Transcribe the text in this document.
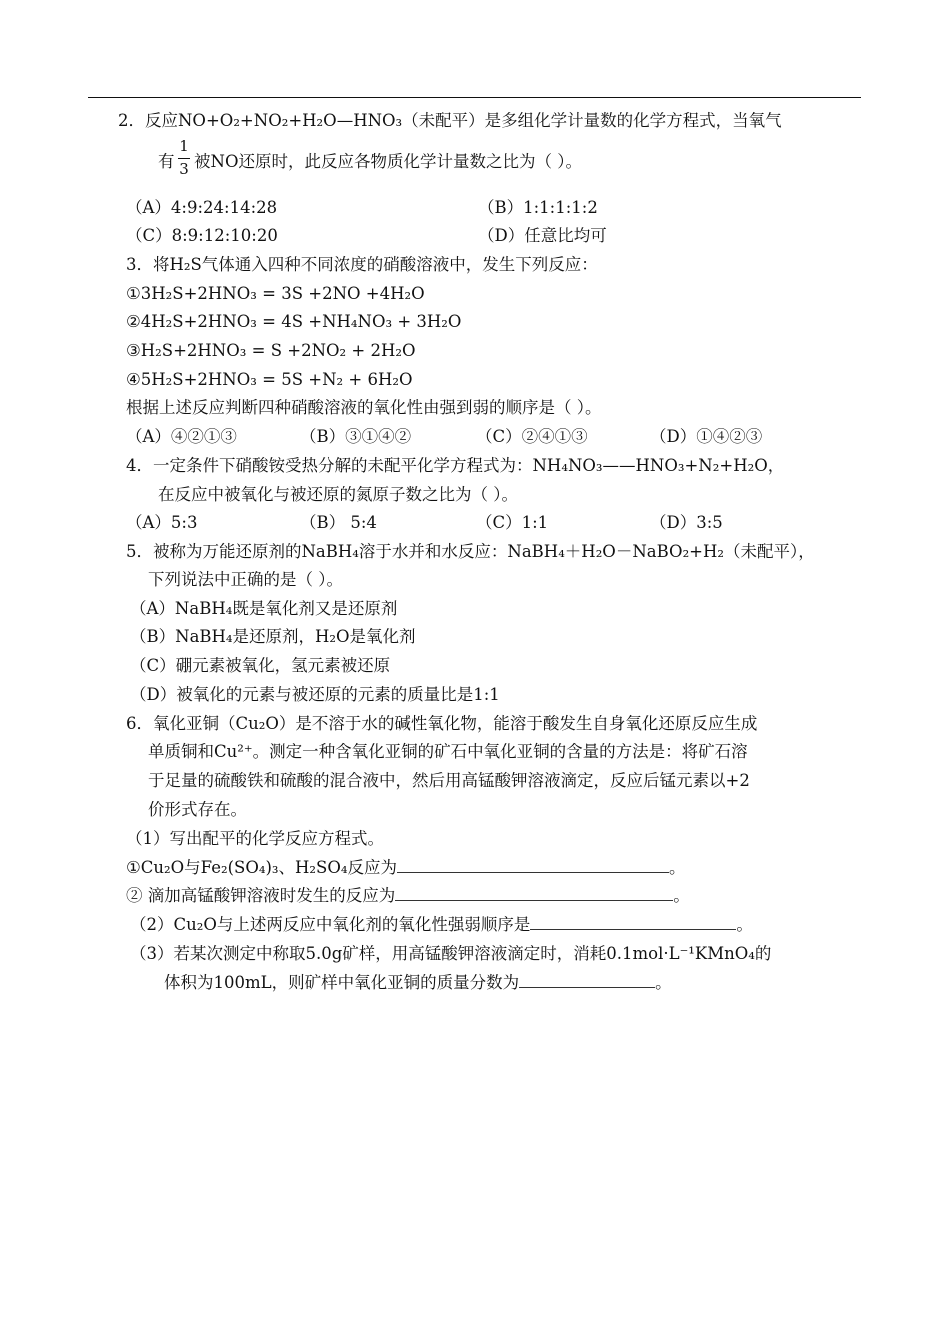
2．反应NO+O₂+NO₂+H₂O—HNO₃（未配平）是多组化学计量数的化学方程式，当氧气
有
1
3 被NO还原时，此反应各物质化学计量数之比为（ ）。
（A）4:9:24:14:28	（B）1:1:1:1:2
（C）8:9:12:10:20	（D）任意比均可
3．将H₂S气体通入四种不同浓度的硝酸溶液中，发生下列反应：
①3H₂S+2HNO₃ = 3S +2NO +4H₂O
②4H₂S+2HNO₃ = 4S +NH₄NO₃ + 3H₂O
③H₂S+2HNO₃ = S +2NO₂ + 2H₂O
④5H₂S+2HNO₃ = 5S +N₂ + 6H₂O
根据上述反应判断四种硝酸溶液的氧化性由强到弱的顺序是（ ）。
（A）④②①③	（B）③①④②	（C）②④①③	（D）①④②③
4．一定条件下硝酸铵受热分解的未配平化学方程式为：NH₄NO₃——HNO₃+N₂+H₂O，
在反应中被氧化与被还原的氮原子数之比为（ ）。
（A）5:3	（B） 5:4	（C）1:1	（D）3:5
5．被称为万能还原剂的NaBH₄溶于水并和水反应：NaBH₄＋H₂O－NaBO₂+H₂（未配平），
下列说法中正确的是（ ）。
（A）NaBH₄既是氧化剂又是还原剂
（B）NaBH₄是还原剂，H₂O是氧化剂
（C）硼元素被氧化，氢元素被还原
（D）被氧化的元素与被还原的元素的质量比是1:1
6．氧化亚铜（Cu₂O）是不溶于水的碱性氧化物，能溶于酸发生自身氧化还原反应生成
单质铜和Cu²⁺。测定一种含氧化亚铜的矿石中氧化亚铜的含量的方法是：将矿石溶
于足量的硫酸铁和硫酸的混合液中，然后用高锰酸钾溶液滴定，反应后锰元素以+2
价形式存在。
（1）写出配平的化学反应方程式。
①Cu₂O与Fe₂(SO₄)₃、H₂SO₄反应为	。
② 滴加高锰酸钾溶液时发生的反应为	。
（2）Cu₂O与上述两反应中氧化剂的氧化性强弱顺序是	。
（3）若某次测定中称取5.0g矿样，用高锰酸钾溶液滴定时，消耗0.1mol·L⁻¹KMnO₄的
体积为100mL，则矿样中氧化亚铜的质量分数为	。
